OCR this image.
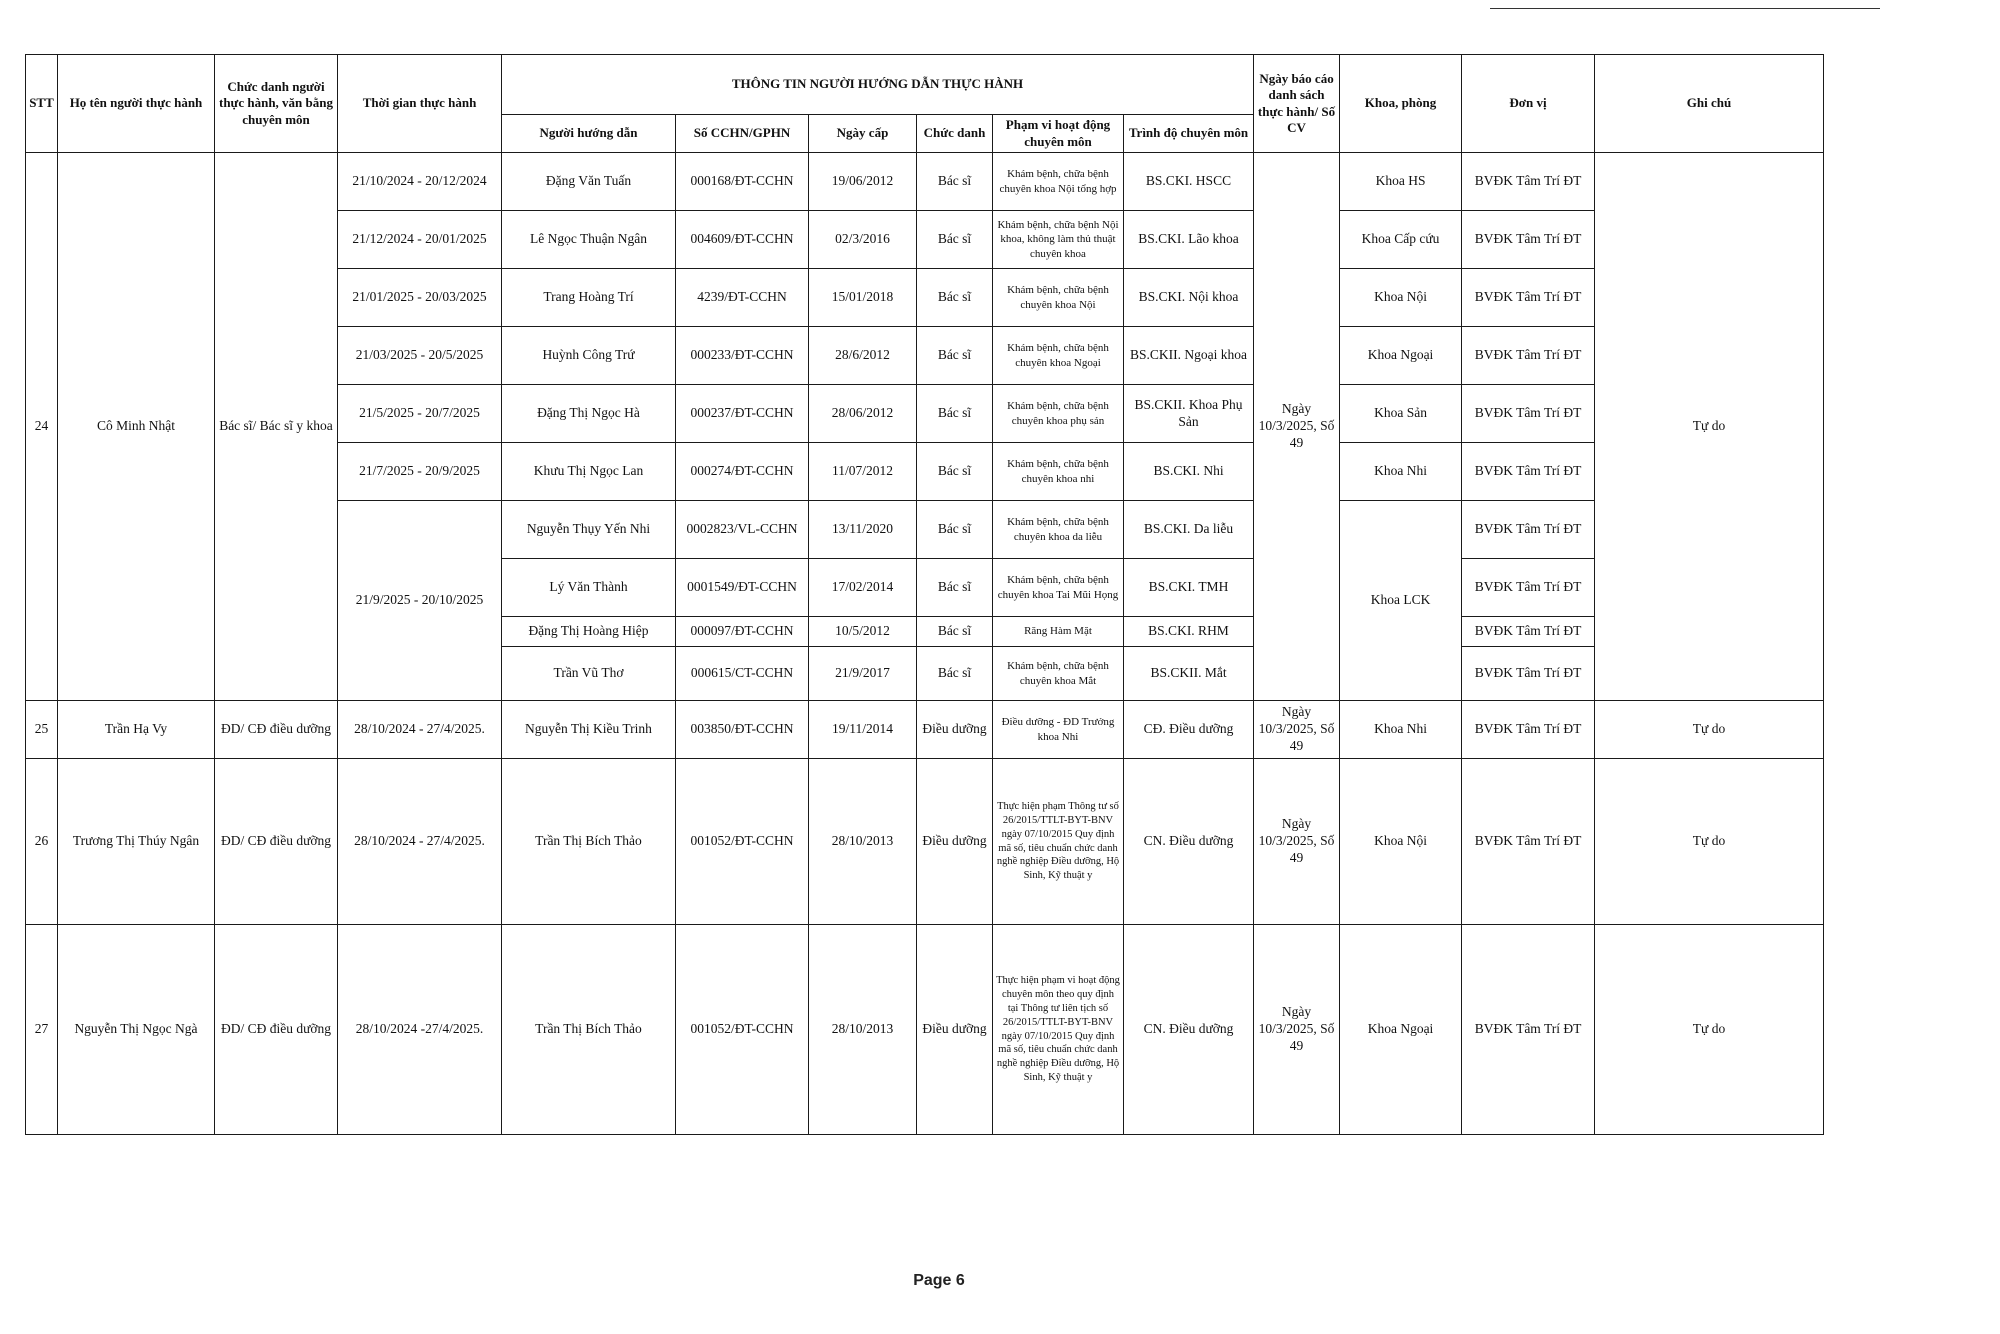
STT	Họ tên người thực hành	Chức danh người thực hành, văn bằng chuyên môn	Thời gian thực hành	THÔNG TIN NGƯỜI HƯỚNG DẪN THỰC HÀNH						Ngày báo cáo danh sách thực hành/ Số CV	Khoa, phòng	Đơn vị	Ghi chú
				Người hướng dẫn	Số CCHN/GPHN	Ngày cấp	Chức danh	Phạm vi hoạt động chuyên môn	Trình độ chuyên môn				
24	Cô Minh Nhật	Bác sĩ/ Bác sĩ y khoa	21/10/2024 - 20/12/2024	Đặng Văn Tuấn	000168/ĐT-CCHN	19/06/2012	Bác sĩ	Khám bệnh, chữa bệnh chuyên khoa Nội tổng hợp	BS.CKI. HSCC	Ngày 10/3/2025, Số 49	Khoa HS	BVĐK Tâm Trí ĐT	Tự do
			21/12/2024 - 20/01/2025	Lê Ngọc Thuận Ngân	004609/ĐT-CCHN	02/3/2016	Bác sĩ	Khám bệnh, chữa bệnh Nội khoa, không làm thủ thuật chuyên khoa	BS.CKI. Lão khoa		Khoa Cấp cứu	BVĐK Tâm Trí ĐT	
			21/01/2025 - 20/03/2025	Trang Hoàng Trí	4239/ĐT-CCHN	15/01/2018	Bác sĩ	Khám bệnh, chữa bệnh chuyên khoa Nội	BS.CKI. Nội khoa		Khoa Nội	BVĐK Tâm Trí ĐT	
			21/03/2025 - 20/5/2025	Huỳnh Công Trứ	000233/ĐT-CCHN	28/6/2012	Bác sĩ	Khám bệnh, chữa bệnh chuyên khoa Ngoại	BS.CKII. Ngoại khoa		Khoa Ngoại	BVĐK Tâm Trí ĐT	
			21/5/2025 - 20/7/2025	Đặng Thị Ngọc Hà	000237/ĐT-CCHN	28/06/2012	Bác sĩ	Khám bệnh, chữa bệnh chuyên khoa phụ sản	BS.CKII. Khoa Phụ Sản		Khoa Sản	BVĐK Tâm Trí ĐT	
			21/7/2025 - 20/9/2025	Khưu Thị Ngọc Lan	000274/ĐT-CCHN	11/07/2012	Bác sĩ	Khám bệnh, chữa bệnh chuyên khoa nhi	BS.CKI. Nhi		Khoa Nhi	BVĐK Tâm Trí ĐT	
			21/9/2025 - 20/10/2025	Nguyễn Thụy Yến Nhi	0002823/VL-CCHN	13/11/2020	Bác sĩ	Khám bệnh, chữa bệnh chuyên khoa da liễu	BS.CKI. Da liễu		Khoa LCK	BVĐK Tâm Trí ĐT	
				Lý Văn Thành	0001549/ĐT-CCHN	17/02/2014	Bác sĩ	Khám bệnh, chữa bệnh chuyên khoa Tai Mũi Họng	BS.CKI. TMH			BVĐK Tâm Trí ĐT	
				Đặng Thị Hoàng Hiệp	000097/ĐT-CCHN	10/5/2012	Bác sĩ	Răng Hàm Mặt	BS.CKI. RHM			BVĐK Tâm Trí ĐT	
				Trần Vũ Thơ	000615/CT-CCHN	21/9/2017	Bác sĩ	Khám bệnh, chữa bệnh chuyên khoa Mắt	BS.CKII. Mắt			BVĐK Tâm Trí ĐT	
25	Trần Hạ Vy	ĐD/ CĐ điều dưỡng	28/10/2024 - 27/4/2025.	Nguyễn Thị Kiều Trinh	003850/ĐT-CCHN	19/11/2014	Điều dưỡng	Điều dưỡng - ĐD Trưởng khoa Nhi	CĐ. Điều dưỡng	Ngày 10/3/2025, Số 49	Khoa Nhi	BVĐK Tâm Trí ĐT	Tự do
26	Trương Thị Thúy Ngân	ĐD/ CĐ điều dưỡng	28/10/2024 - 27/4/2025.	Trần Thị Bích Thảo	001052/ĐT-CCHN	28/10/2013	Điều dưỡng	Thực hiện phạm Thông tư số 26/2015/TTLT-BYT-BNV ngày 07/10/2015 Quy định mã số, tiêu chuẩn chức danh nghề nghiệp Điều dưỡng, Hộ Sinh, Kỹ thuật y	CN. Điều dưỡng	Ngày 10/3/2025, Số 49	Khoa Nội	BVĐK Tâm Trí ĐT	Tự do
27	Nguyễn Thị Ngọc Ngà	ĐD/ CĐ điều dưỡng	28/10/2024 -27/4/2025.	Trần Thị Bích Thảo	001052/ĐT-CCHN	28/10/2013	Điều dưỡng	Thực hiện phạm vi hoạt động chuyên môn theo quy định tại Thông tư liên tịch số 26/2015/TTLT-BYT-BNV ngày 07/10/2015 Quy định mã số, tiêu chuẩn chức danh nghề nghiệp Điều dưỡng, Hộ Sinh, Kỹ thuật y	CN. Điều dưỡng	Ngày 10/3/2025, Số 49	Khoa Ngoại	BVĐK Tâm Trí ĐT	Tự do
Page 6
